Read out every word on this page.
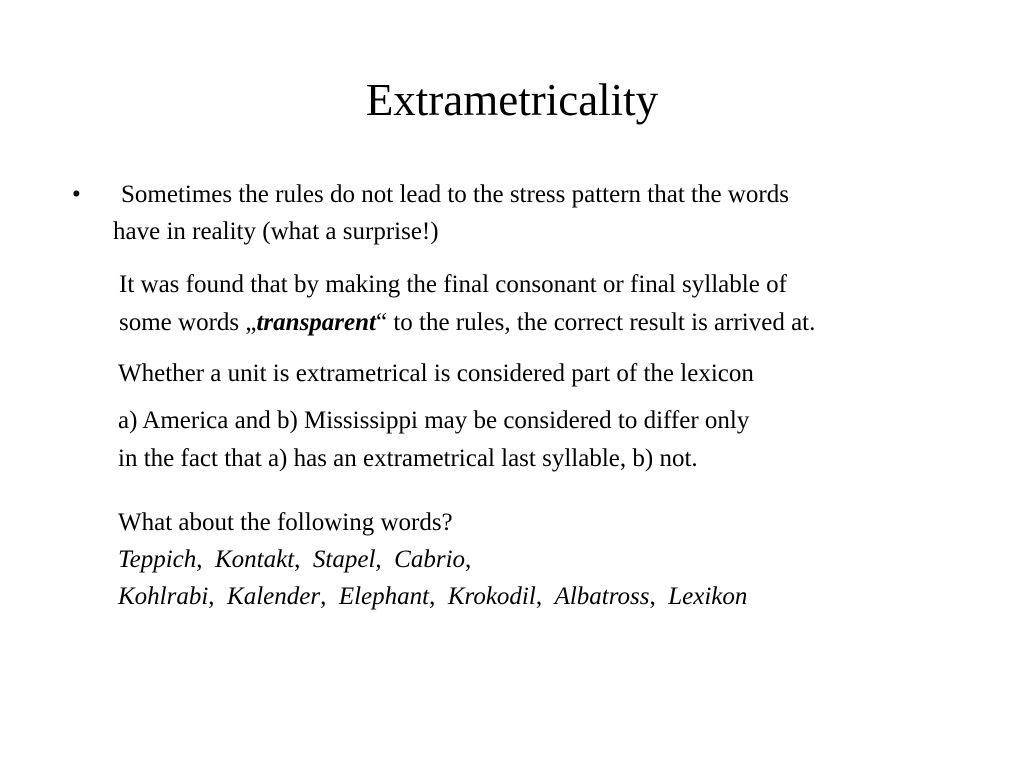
Extrametricality
•	Sometimes the rules do not lead to the stress pattern that the words
have in reality (what a surprise!)
It was found that by making the final consonant or final syllable of
some words „transparent“ to the rules, the correct result is arrived at.
Whether a unit is extrametrical is considered part of the lexicon
a) America and b) Mississippi may be considered to differ only
in the fact that a) has an extrametrical last syllable, b) not.
What about the following words?
Teppich,  Kontakt,  Stapel,  Cabrio,
Kohlrabi,  Kalender,  Elephant,  Krokodil,  Albatross,  Lexikon
